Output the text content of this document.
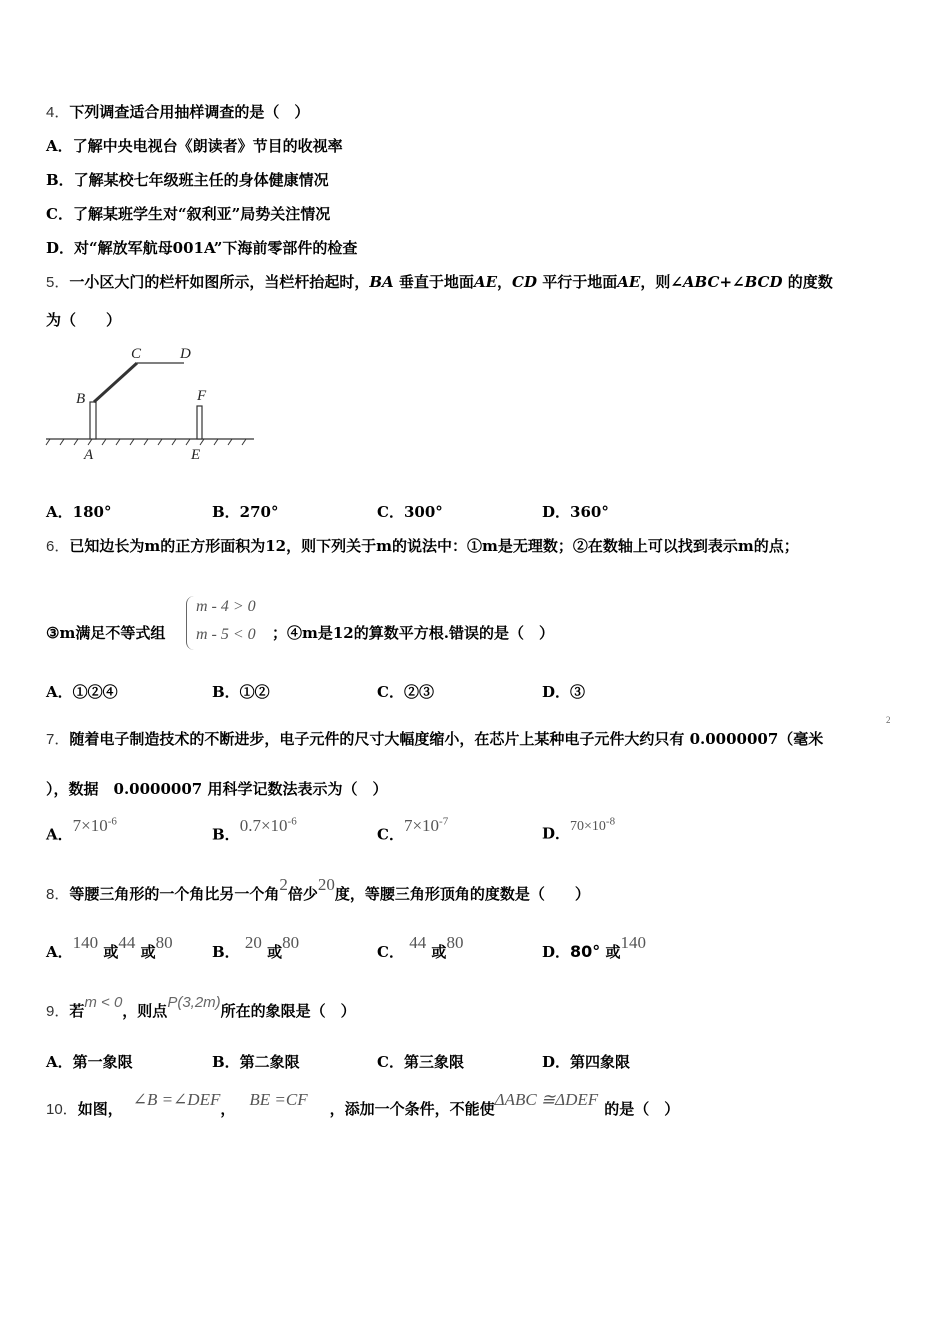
4．下列调查适合用抽样调查的是（　）
A．了解中央电视台《朗读者》节目的收视率
B．了解某校七年级班主任的身体健康情况
C．了解某班学生对“叙利亚”局势关注情况
D．对“解放军航母001A”下海前零部件的检查
5．一小区大门的栏杆如图所示，当栏杆抬起时，BA 垂直于地面AE，CD 平行于地面AE，则∠ABC+∠BCD 的度数
为（　　）
C	D
B	F
A	E
A．180°	B．270°	C．300°	D．360°
6．已知边长为m的正方形面积为12，则下列关于m的说法中：①m是无理数；②在数轴上可以找到表示m的点；
③m满足不等式组
m - 4 > 0
m - 5 < 0 ；④m是12的算数平方根.错误的是（　）
A．①②④	B．①②	C．②③	D．③
7．随着电子制造技术的不断进步，电子元件的尺寸大幅度缩小，在芯片上某种电子元件大约只有 0.0000007（毫米
2
），数据　0.0000007 用科学记数法表示为（　）
A．$7\times 10^{-6}$
B．$0.7\times 10^{-6}$
C．$7\times 10^{-7}$
D．$70\times 10^{-8}$
8．等腰三角形的一个角比另一个角2倍少20度，等腰三角形顶角的度数是（　　）
A．140 或44 或80	B． 20 或80	C． 44 或80	D．80° 或140
9．若m < 0，则点P(3,2m)所在的象限是（　）
A．第一象限	B．第二象限	C．第三象限	D．第四象限
10．如图， ∠B =∠DEF， BE =CF ，添加一个条件，不能使ΔABC ≅ΔDEF 的是（　）
